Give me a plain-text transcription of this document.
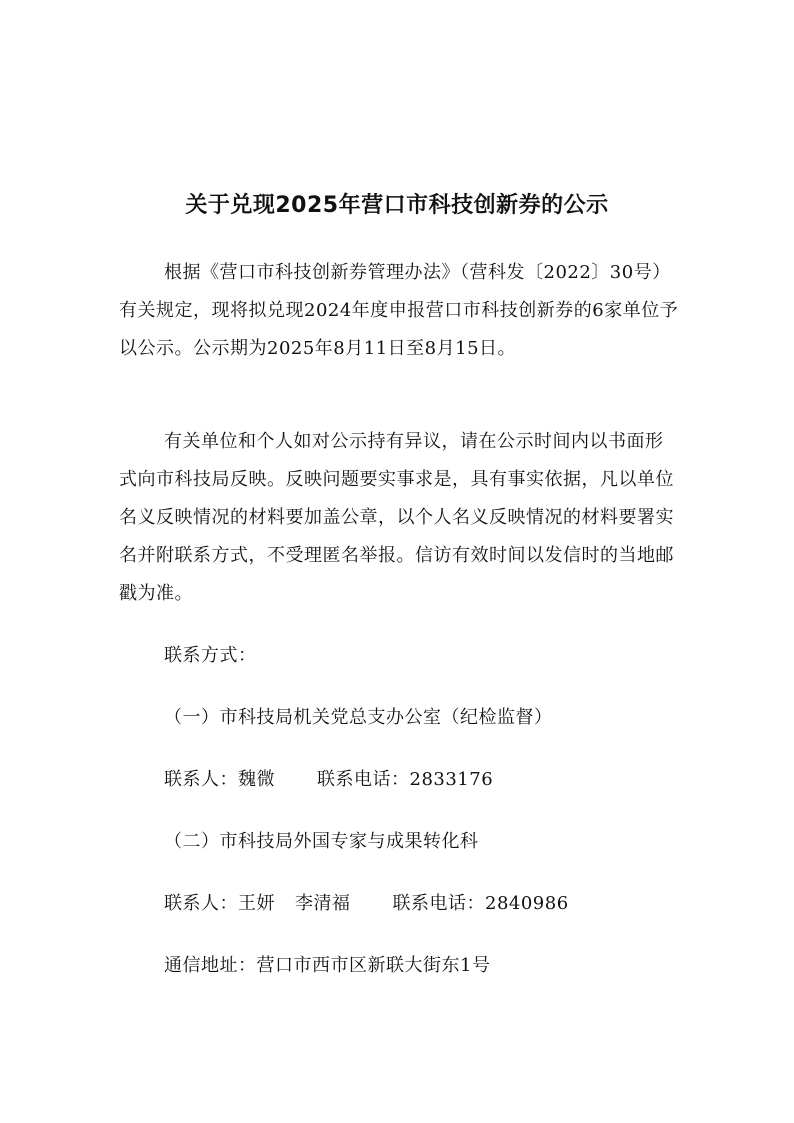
关于兑现2025年营口市科技创新券的公示

根据《营口市科技创新券管理办法》（营科发〔2022〕30号）有关规定，现将拟兑现2024年度申报营口市科技创新券的6家单位予以公示。公示期为2025年8月11日至8月15日。

有关单位和个人如对公示持有异议，请在公示时间内以书面形式向市科技局反映。反映问题要实事求是，具有事实依据，凡以单位名义反映情况的材料要加盖公章，以个人名义反映情况的材料要署实名并附联系方式，不受理匿名举报。信访有效时间以发信时的当地邮戳为准。

联系方式：
（一）市科技局机关党总支办公室（纪检监督）
联系人：魏微 联系电话：2833176
（二）市科技局外国专家与成果转化科
联系人：王妍 李清福 联系电话：2840986
通信地址：营口市西市区新联大街东1号
